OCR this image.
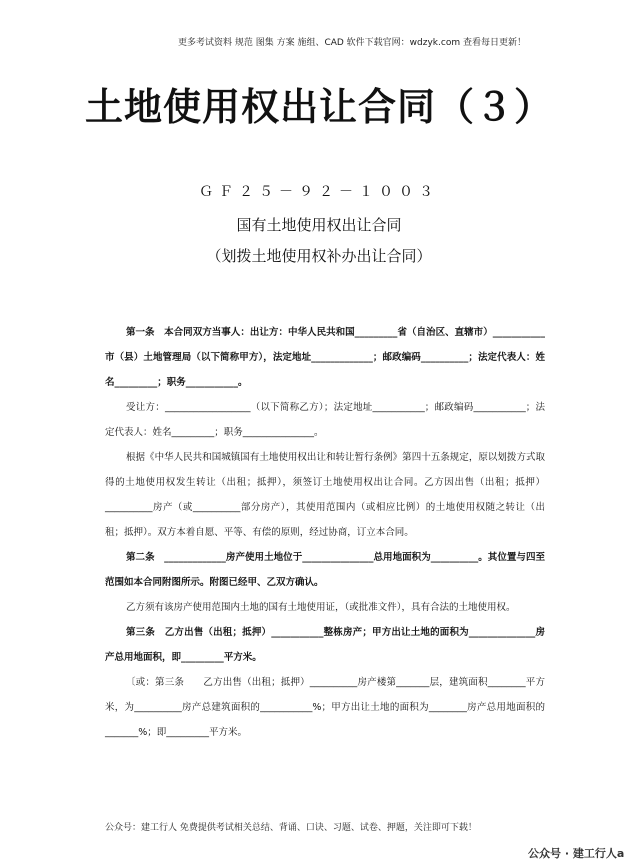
更多考试资料 规范 图集 方案 施组、CAD 软件下载官网：wdzyk.com 查看每日更新！

土地使用权出让合同（３）

ＧＦ２５－９２－１００３

国有土地使用权出让合同

（划拨土地使用权补办出让合同）

第一条　本合同双方当事人：出让方：中华人民共和国_________省（自治区、直辖市）___________市（县）土地管理局（以下简称甲方），法定地址_____________；邮政编码__________；法定代表人：姓名_________；职务___________。

受让方：__________________（以下简称乙方）；法定地址___________；邮政编码___________；法定代表人：姓名_________；职务_______________。

根据《中华人民共和国城镇国有土地使用权出让和转让暂行条例》第四十五条规定，原以划拨方式取得的土地使用权发生转让（出租；抵押），须签订土地使用权出让合同。乙方因出售（出租；抵押）__________房产（或__________部分房产），其使用范围内（或相应比例）的土地使用权随之转让（出租；抵押）。双方本着自愿、平等、有偿的原则，经过协商，订立本合同。

第二条　_____________房产使用土地位于_______________总用地面积为__________。其位置与四至范围如本合同附图所示。附图已经甲、乙双方确认。

乙方须有该房产使用范围内土地的国有土地使用证，（或批准文件），具有合法的土地使用权。

第三条　乙方出售（出租；抵押）___________整栋房产；甲方出让土地的面积为______________房产总用地面积，即_________平方米。

〔或：第三条　　乙方出售（出租；抵押）__________房产楼第_______层，建筑面积________平方米，为__________房产总建筑面积的___________%；甲方出让土地的面积为________房产总用地面积的_______%；即_________平方米。

公众号：建工行人 免费提供考试相关总结、背诵、口诀、习题、试卷、押题，关注即可下载！

公众号 · 建工行人a
